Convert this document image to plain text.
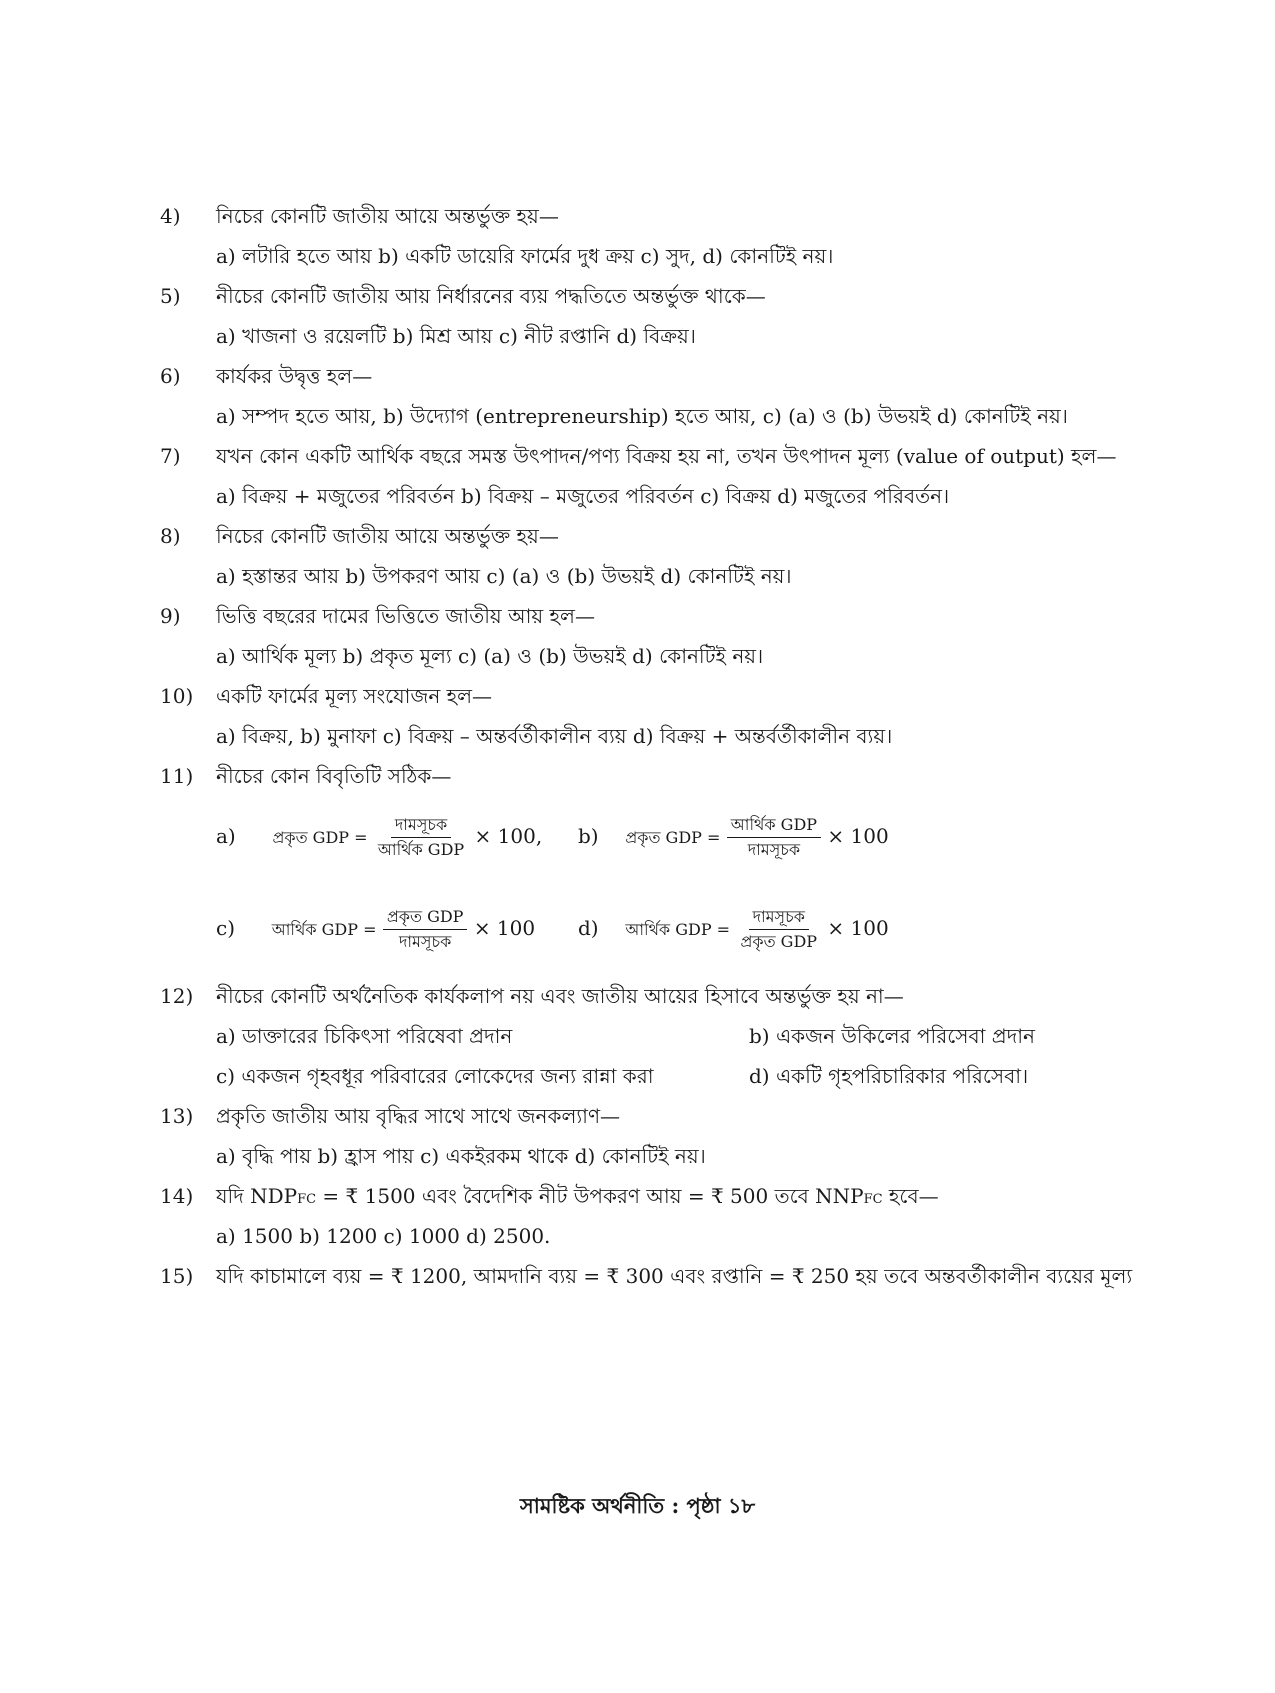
4)	নিচের কোনটি জাতীয় আয়ে অন্তর্ভুক্ত হয়—
a) লটারি হতে আয় b) একটি ডায়েরি ফার্মের দুধ ক্রয় c) সুদ, d) কোনটিই নয়।
5)	নীচের কোনটি জাতীয় আয় নির্ধারনের ব্যয় পদ্ধতিতে অন্তর্ভুক্ত থাকে—
a) খাজনা ও রয়েলটি b) মিশ্র আয় c) নীট রপ্তানি d) বিক্রয়।
6)	কার্যকর উদ্বৃত্ত হল—
a) সম্পদ হতে আয়, b) উদ্যোগ (entrepreneurship) হতে আয়, c) (a) ও (b) উভয়ই d) কোনটিই নয়।
7)	যখন কোন একটি আর্থিক বছরে সমস্ত উৎপাদন/পণ্য বিক্রয় হয় না, তখন উৎপাদন মূল্য (value of output) হল—
a) বিক্রয় + মজুতের পরিবর্তন b) বিক্রয় – মজুতের পরিবর্তন c) বিক্রয় d) মজুতের পরিবর্তন।
8)	নিচের কোনটি জাতীয় আয়ে অন্তর্ভুক্ত হয়—
a) হস্তান্তর আয় b) উপকরণ আয় c) (a) ও (b) উভয়ই d) কোনটিই নয়।
9)	ভিত্তি বছরের দামের ভিত্তিতে জাতীয় আয় হল—
a) আর্থিক মূল্য b) প্রকৃত মূল্য c) (a) ও (b) উভয়ই d) কোনটিই নয়।
10)	একটি ফার্মের মূল্য সংযোজন হল—
a) বিক্রয়, b) মুনাফা c) বিক্রয় – অন্তর্বর্তীকালীন ব্যয় d) বিক্রয় + অন্তর্বর্তীকালীন ব্যয়।
11)	নীচের কোন বিবৃতিটি সঠিক—
a) প্রকৃত GDP = $\frac{\text{দামসূচক}}{\text{আর্থিক GDP}} \times 100$, b) প্রকৃত GDP = $\frac{\text{আর্থিক GDP}}{\text{দামসূচক}} \times 100$
c) আর্থিক GDP = $\frac{\text{প্রকৃত GDP}}{\text{দামসূচক}} \times 100$ d) আর্থিক GDP = $\frac{\text{দামসূচক}}{\text{প্রকৃত GDP}} \times 100$
12)	নীচের কোনটি অর্থনৈতিক কার্যকলাপ নয় এবং জাতীয় আয়ের হিসাবে অন্তর্ভুক্ত হয় না—
a) ডাক্তারের চিকিৎসা পরিষেবা প্রদান	b) একজন উকিলের পরিসেবা প্রদান
c) একজন গৃহবধূর পরিবারের লোকেদের জন্য রান্না করা	d) একটি গৃহপরিচারিকার পরিসেবা।
13)	প্রকৃতি জাতীয় আয় বৃদ্ধির সাথে সাথে জনকল্যাণ—
a) বৃদ্ধি পায় b) হ্রাস পায় c) একইরকম থাকে d) কোনটিই নয়।
14)	যদি NDPFC = ₹ 1500 এবং বৈদেশিক নীট উপকরণ আয় = ₹ 500 তবে NNPFC হবে—
a) 1500 b) 1200 c) 1000 d) 2500.
15)	যদি কাচামালে ব্যয় = ₹ 1200, আমদানি ব্যয় = ₹ 300 এবং রপ্তানি = ₹ 250 হয় তবে অন্তবর্তীকালীন ব্যয়ের মূল্য
সামষ্টিক অর্থনীতি : পৃষ্ঠা ১৮
